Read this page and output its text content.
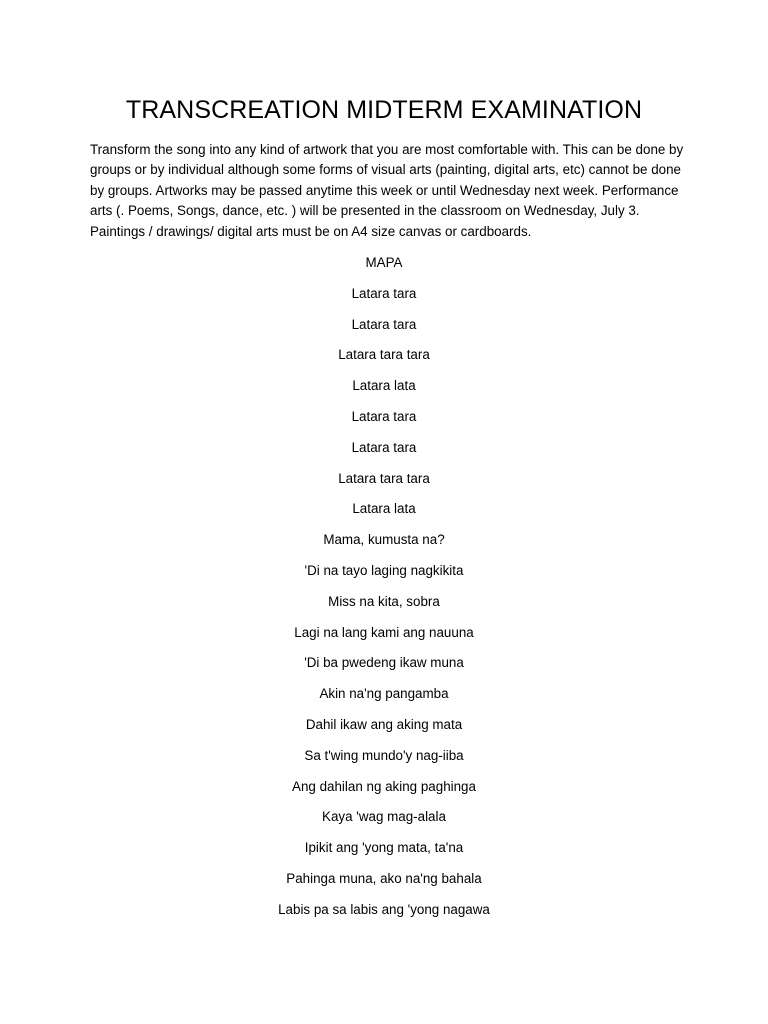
TRANSCREATION MIDTERM EXAMINATION

Transform the song into any kind of artwork that you are most comfortable with. This can be done by groups or by individual although some forms of visual arts (painting, digital arts, etc) cannot be done by groups. Artworks may be passed anytime this week or until Wednesday next week. Performance arts (. Poems, Songs, dance, etc. ) will be presented in the classroom on Wednesday, July 3. Paintings / drawings/ digital arts must be on A4 size canvas or cardboards.

MAPA
Latara tara
Latara tara
Latara tara tara
Latara lata
Latara tara
Latara tara
Latara tara tara
Latara lata
Mama, kumusta na?
'Di na tayo laging nagkikita
Miss na kita, sobra
Lagi na lang kami ang nauuna
'Di ba pwedeng ikaw muna
Akin na'ng pangamba
Dahil ikaw ang aking mata
Sa t'wing mundo'y nag-iiba
Ang dahilan ng aking paghinga
Kaya 'wag mag-alala
Ipikit ang 'yong mata, ta'na
Pahinga muna, ako na'ng bahala
Labis pa sa labis ang 'yong nagawa
